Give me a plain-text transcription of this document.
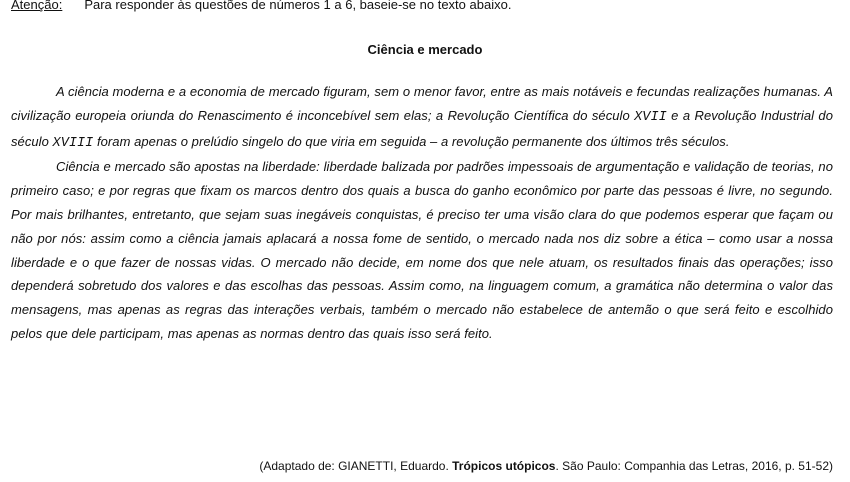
Atenção: Para responder às questões de números 1 a 6, baseie-se no texto abaixo.
Ciência e mercado

A ciência moderna e a economia de mercado figuram, sem o menor favor, entre as mais notáveis e fecundas realizações humanas. A civilização europeia oriunda do Renascimento é inconcebível sem elas; a Revolução Científica do século XVII e a Revolução Industrial do século XVIII foram apenas o prelúdio singelo do que viria em seguida – a revolução permanente dos últimos três séculos.

Ciência e mercado são apostas na liberdade: liberdade balizada por padrões impessoais de argumentação e validação de teorias, no primeiro caso; e por regras que fixam os marcos dentro dos quais a busca do ganho econômico por parte das pessoas é livre, no segundo. Por mais brilhantes, entretanto, que sejam suas inegáveis conquistas, é preciso ter uma visão clara do que podemos esperar que façam ou não por nós: assim como a ciência jamais aplacará a nossa fome de sentido, o mercado nada nos diz sobre a ética – como usar a nossa liberdade e o que fazer de nossas vidas. O mercado não decide, em nome dos que nele atuam, os resultados finais das operações; isso dependerá sobretudo dos valores e das escolhas das pessoas. Assim como, na linguagem comum, a gramática não determina o valor das mensagens, mas apenas as regras das interações verbais, também o mercado não estabelece de antemão o que será feito e escolhido pelos que dele participam, mas apenas as normas dentro das quais isso será feito.

(Adaptado de: GIANETTI, Eduardo. Trópicos utópicos. São Paulo: Companhia das Letras, 2016, p. 51-52)
